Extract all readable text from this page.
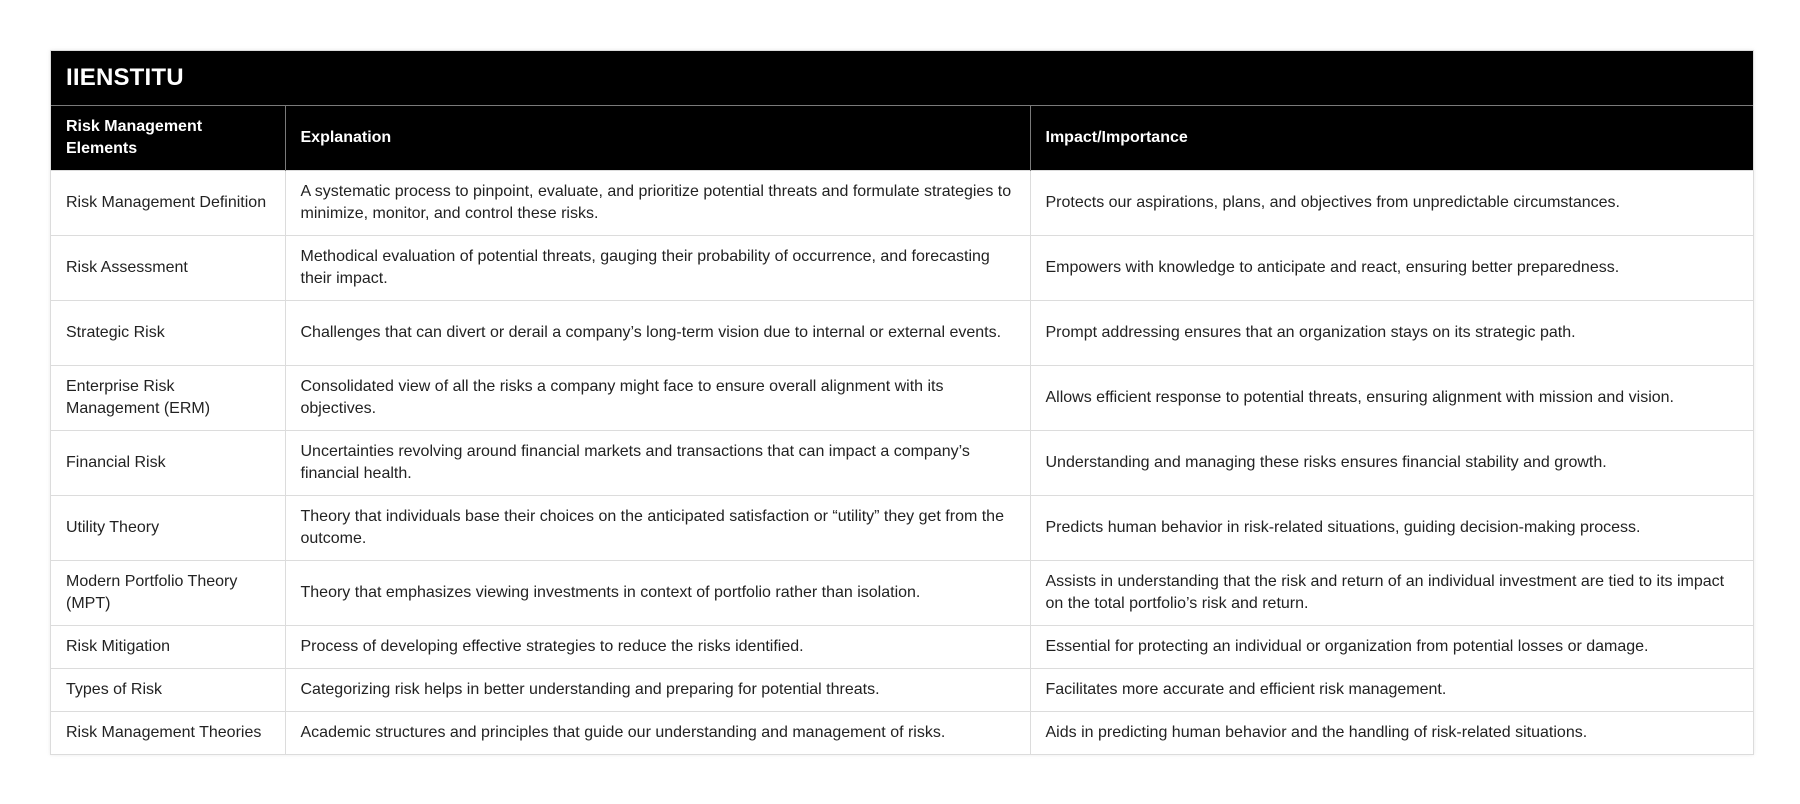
IIENSTITU
Risk Management Elements	Explanation	Impact/Importance
Risk Management Definition	A systematic process to pinpoint, evaluate, and prioritize potential threats and formulate strategies to minimize, monitor, and control these risks.	Protects our aspirations, plans, and objectives from unpredictable circumstances.
Risk Assessment	Methodical evaluation of potential threats, gauging their probability of occurrence, and forecasting their impact.	Empowers with knowledge to anticipate and react, ensuring better preparedness.
Strategic Risk	Challenges that can divert or derail a company’s long-term vision due to internal or external events.	Prompt addressing ensures that an organization stays on its strategic path.
Enterprise Risk Management (ERM)	Consolidated view of all the risks a company might face to ensure overall alignment with its objectives.	Allows efficient response to potential threats, ensuring alignment with mission and vision.
Financial Risk	Uncertainties revolving around financial markets and transactions that can impact a company’s financial health.	Understanding and managing these risks ensures financial stability and growth.
Utility Theory	Theory that individuals base their choices on the anticipated satisfaction or “utility” they get from the outcome.	Predicts human behavior in risk-related situations, guiding decision-making process.
Modern Portfolio Theory (MPT)	Theory that emphasizes viewing investments in context of portfolio rather than isolation.	Assists in understanding that the risk and return of an individual investment are tied to its impact on the total portfolio’s risk and return.
Risk Mitigation	Process of developing effective strategies to reduce the risks identified.	Essential for protecting an individual or organization from potential losses or damage.
Types of Risk	Categorizing risk helps in better understanding and preparing for potential threats.	Facilitates more accurate and efficient risk management.
Risk Management Theories	Academic structures and principles that guide our understanding and management of risks.	Aids in predicting human behavior and the handling of risk-related situations.
